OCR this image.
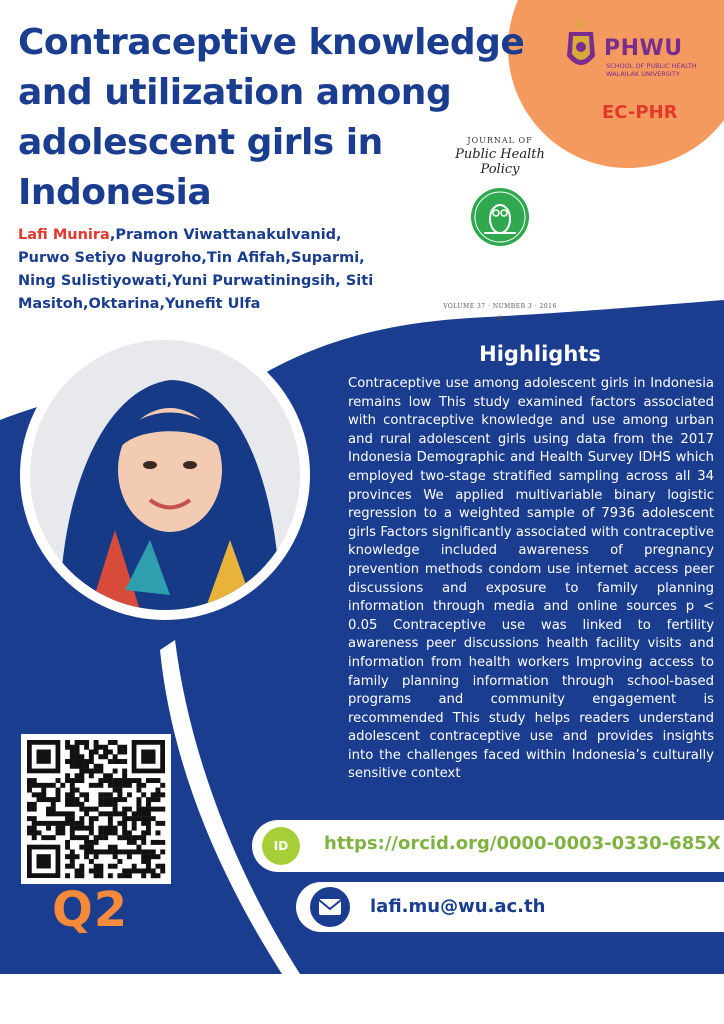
PHWU
SCHOOL OF PUBLIC HEALTH
WALAILAK UNIVERSITY
EC-PHR
Contraceptive knowledge and utilization among adolescent girls in Indonesia
Lafi Munira,Pramon Viwattanakulvanid, Purwo Setiyo Nugroho,Tin Afifah,Suparmi, Ning Sulistiyowati,Yuni Purwatiningsih, Siti Masitoh,Oktarina,Yunefit Ulfa
JOURNAL OF
Public Health Policy
VOLUME 37 · NUMBER 3 · 2016
☀
Highlights
Contraceptive use among adolescent girls in Indonesia remains low This study examined factors associated with contraceptive knowledge and use among urban and rural adolescent girls using data from the 2017 Indonesia Demographic and Health Survey IDHS which employed two-stage stratified sampling across all 34 provinces We applied multivariable binary logistic regression to a weighted sample of 7936 adolescent girls Factors significantly associated with contraceptive knowledge included awareness of pregnancy prevention methods condom use internet access peer discussions and exposure to family planning information through media and online sources p < 0.05 Contraceptive use was linked to fertility awareness peer discussions health facility visits and information from health workers Improving access to family planning information through school-based programs and community engagement is recommended This study helps readers understand adolescent contraceptive use and provides insights into the challenges faced within Indonesia’s culturally sensitive context
Q2
ID	https://orcid.org/0000-0003-0330-685X
lafi.mu@wu.ac.th
